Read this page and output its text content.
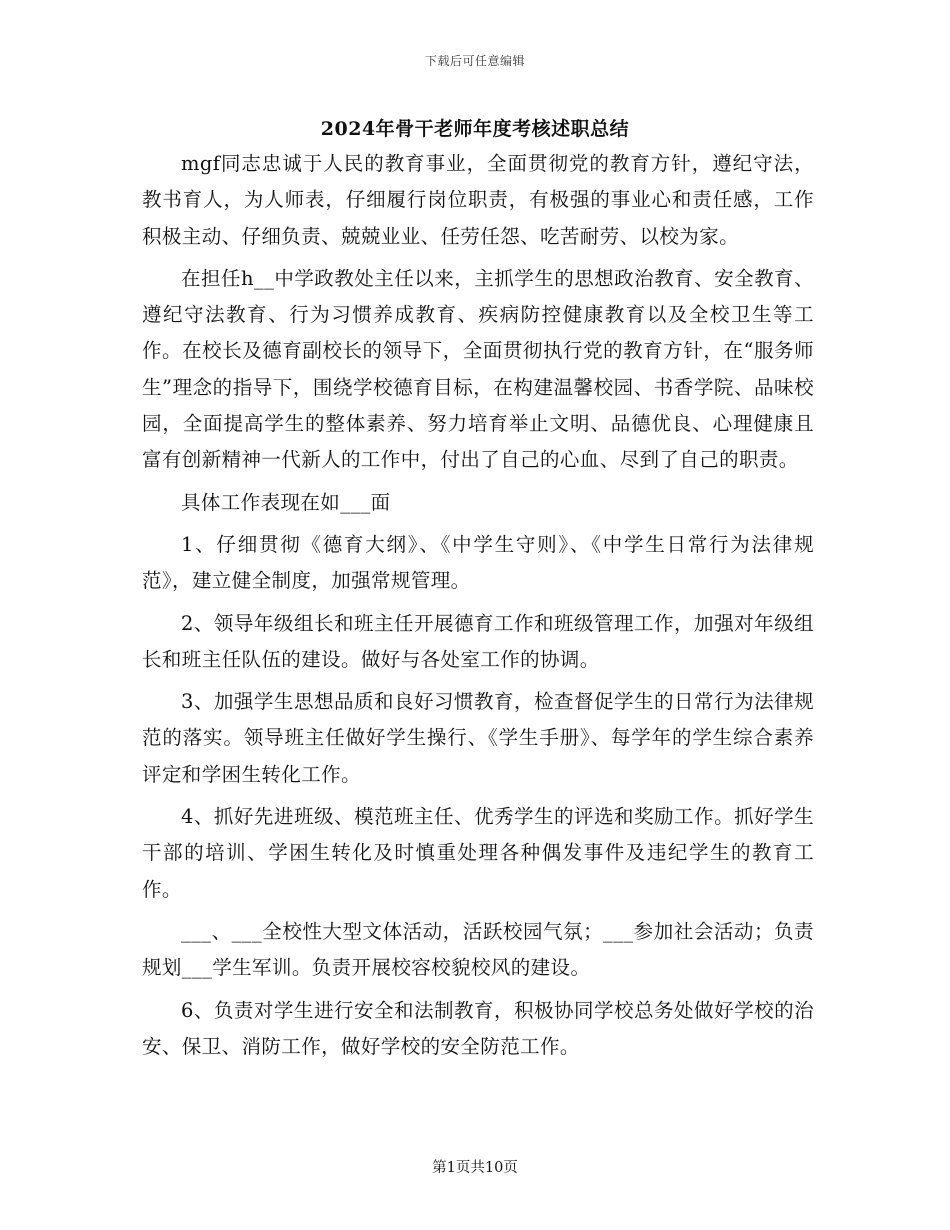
下载后可任意编辑
2024年骨干老师年度考核述职总结

mgf同志忠诚于人民的教育事业，全面贯彻党的教育方针，遵纪守法，教书育人，为人师表，仔细履行岗位职责，有极强的事业心和责任感，工作积极主动、仔细负责、兢兢业业、任劳任怨、吃苦耐劳、以校为家。

在担任h__中学政教处主任以来，主抓学生的思想政治教育、安全教育、遵纪守法教育、行为习惯养成教育、疾病防控健康教育以及全校卫生等工作。在校长及德育副校长的领导下，全面贯彻执行党的教育方针，在“服务师生”理念的指导下，围绕学校德育目标，在构建温馨校园、书香学院、品味校园，全面提高学生的整体素养、努力培育举止文明、品德优良、心理健康且富有创新精神一代新人的工作中，付出了自己的心血、尽到了自己的职责。

具体工作表现在如___面

1、仔细贯彻《德育大纲》、《中学生守则》、《中学生日常行为法律规范》，建立健全制度，加强常规管理。

2、领导年级组长和班主任开展德育工作和班级管理工作，加强对年级组长和班主任队伍的建设。做好与各处室工作的协调。

3、加强学生思想品质和良好习惯教育，检查督促学生的日常行为法律规范的落实。领导班主任做好学生操行、《学生手册》、每学年的学生综合素养评定和学困生转化工作。

4、抓好先进班级、模范班主任、优秀学生的评选和奖励工作。抓好学生干部的培训、学困生转化及时慎重处理各种偶发事件及违纪学生的教育工作。

___、___全校性大型文体活动，活跃校园气氛；___参加社会活动；负责规划___学生军训。负责开展校容校貌校风的建设。

6、负责对学生进行安全和法制教育，积极协同学校总务处做好学校的治安、保卫、消防工作，做好学校的安全防范工作。

第1页共10页
